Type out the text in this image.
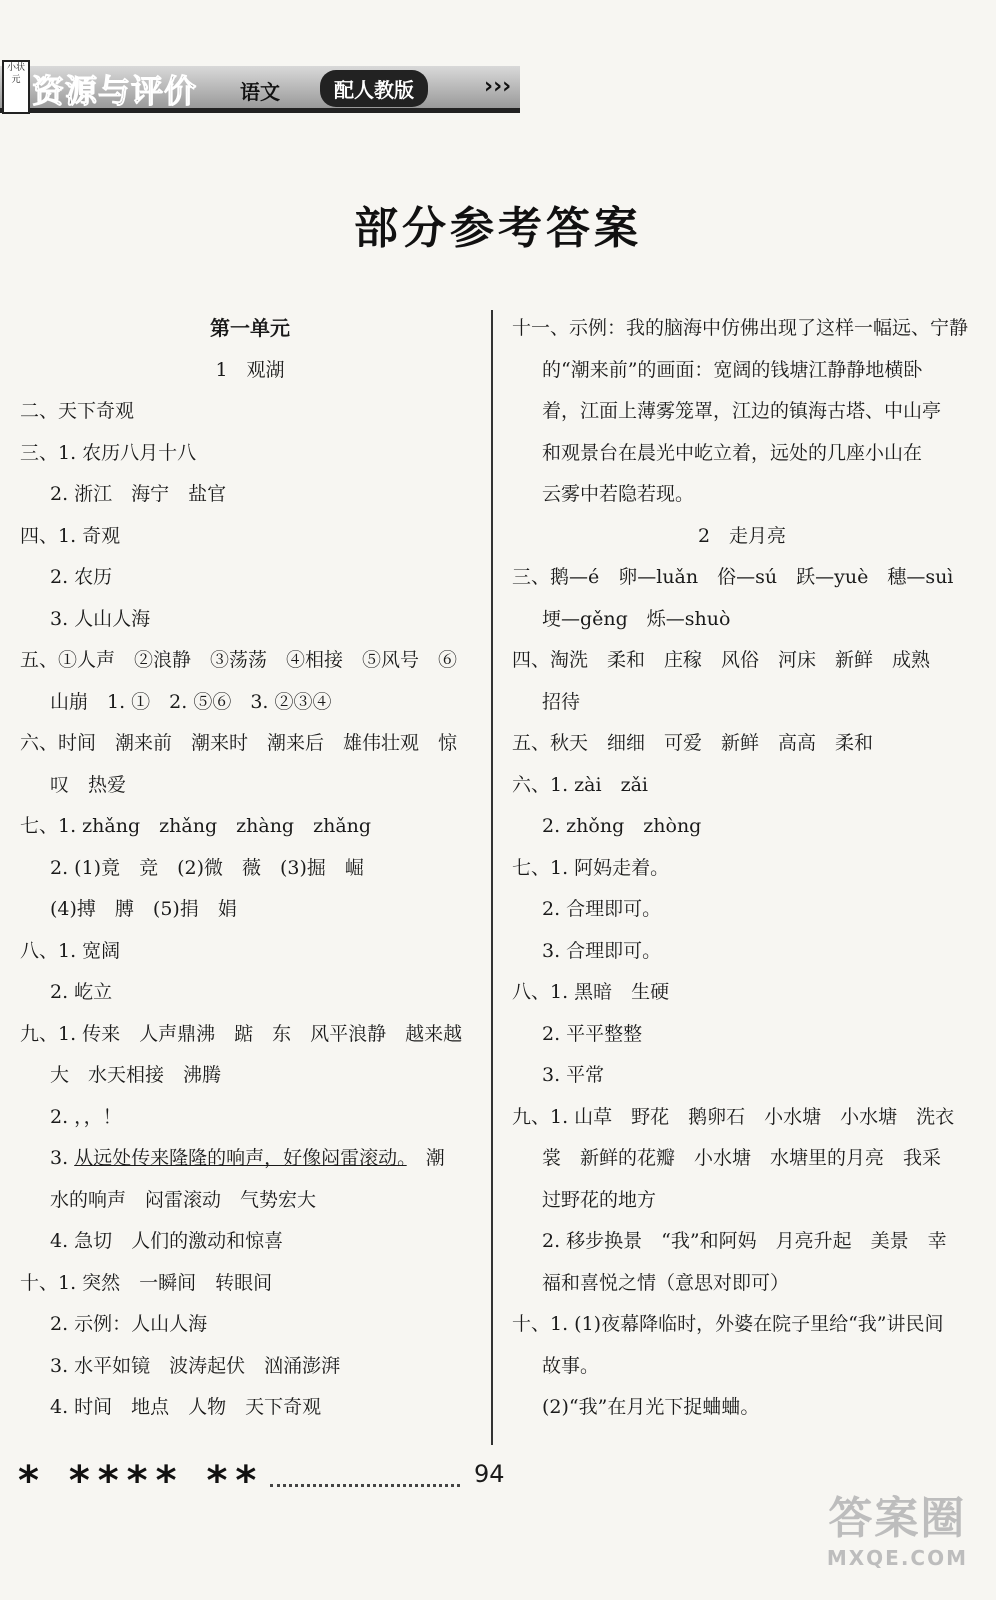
小状元 资源与评价 语文	配人教版	›››
部分参考答案
第一单元
1　观湖
二、天下奇观
三、1. 农历八月十八
2. 浙江　海宁　盐官
四、1. 奇观
2. 农历
3. 人山人海
五、①人声　②浪静　③荡荡　④相接　⑤风号　⑥
山崩　1. ①　2. ⑤⑥　3. ②③④
六、时间　潮来前　潮来时　潮来后　雄伟壮观　惊
叹　热爱
七、1. zhǎng　zhǎng　zhàng　zhǎng
2. (1)竟　竞　(2)微　薇　(3)掘　崛
(4)搏　膊　(5)捐　娟
八、1. 宽阔
2. 屹立
九、1. 传来　人声鼎沸　踮　东　风平浪静　越来越
大　水天相接　沸腾
2. ，，！
3. 从远处传来隆隆的响声，好像闷雷滚动。　潮
水的响声　闷雷滚动　气势宏大
4. 急切　人们的激动和惊喜
十、1. 突然　一瞬间　转眼间
2. 示例：人山人海
3. 水平如镜　波涛起伏　汹涌澎湃
4. 时间　地点　人物　天下奇观
十一、示例：我的脑海中仿佛出现了这样一幅远、宁静
的“潮来前”的画面：宽阔的钱塘江静静地横卧
着，江面上薄雾笼罩，江边的镇海古塔、中山亭
和观景台在晨光中屹立着，远处的几座小山在
云雾中若隐若现。
2　走月亮
三、鹅—é　卵—luǎn　俗—sú　跃—yuè　穗—suì
埂—gěng　烁—shuò
四、淘洗　柔和　庄稼　风俗　河床　新鲜　成熟
招待
五、秋天　细细　可爱　新鲜　高高　柔和
六、1. zài　zǎi
2. zhǒng　zhòng
七、1. 阿妈走着。
2. 合理即可。
3. 合理即可。
八、1. 黑暗　生硬
2. 平平整整
3. 平常
九、1. 山草　野花　鹅卵石　小水塘　小水塘　洗衣
裳　新鲜的花瓣　小水塘　水塘里的月亮　我采
过野花的地方
2. 移步换景　“我”和阿妈　月亮升起　美景　幸
福和喜悦之情（意思对即可）
十、1. (1)夜幕降临时，外婆在院子里给“我”讲民间
故事。
(2)“我”在月光下捉蛐蛐。
* **** **	94
答案圈
MXQE.COM
